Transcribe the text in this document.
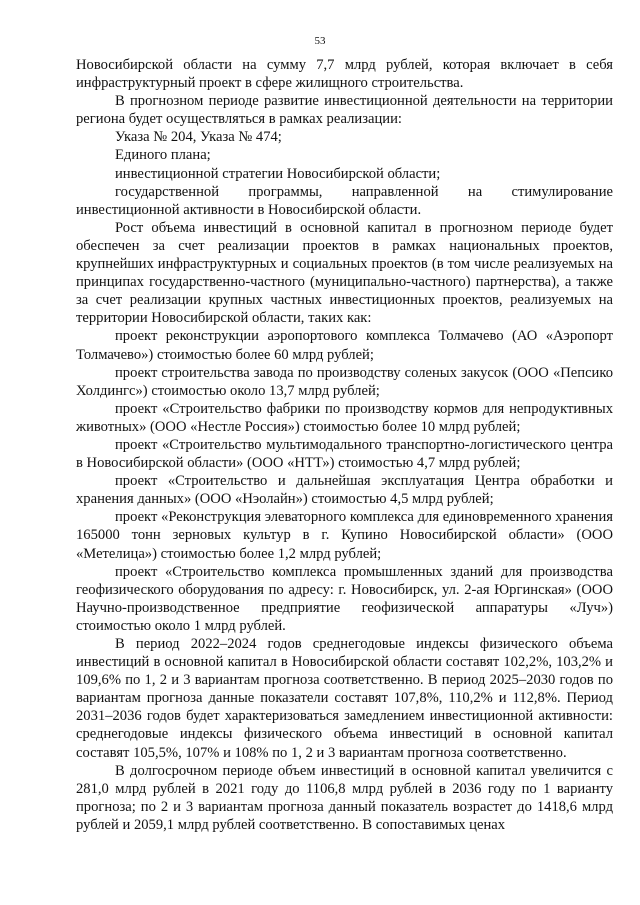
53

Новосибирской области на сумму 7,7 млрд рублей, которая включает в себя инфраструктурный проект в сфере жилищного строительства.

В прогнозном периоде развитие инвестиционной деятельности на территории региона будет осуществляться в рамках реализации:

Указа № 204, Указа № 474;

Единого плана;

инвестиционной стратегии Новосибирской области;

государственной программы, направленной на стимулирование инвестиционной активности в Новосибирской области.

Рост объема инвестиций в основной капитал в прогнозном периоде будет обеспечен за счет реализации проектов в рамках национальных проектов, крупнейших инфраструктурных и социальных проектов (в том числе реализуемых на принципах государственно-частного (муниципально-частного) партнерства), а также за счет реализации крупных частных инвестиционных проектов, реализуемых на территории Новосибирской области, таких как:

проект реконструкции аэропортового комплекса Толмачево (АО «Аэропорт Толмачево») стоимостью более 60 млрд рублей;

проект строительства завода по производству соленых закусок (ООО «Пепсико Холдингс») стоимостью около 13,7 млрд рублей;

проект «Строительство фабрики по производству кормов для непродуктивных животных» (ООО «Нестле Россия») стоимостью более 10 млрд рублей;

проект «Строительство мультимодального транспортно-логистического центра в Новосибирской области» (ООО «НТТ») стоимостью 4,7 млрд рублей;

проект «Строительство и дальнейшая эксплуатация Центра обработки и хранения данных» (ООО «Нэолайн») стоимостью 4,5 млрд рублей;

проект «Реконструкция элеваторного комплекса для единовременного хранения 165000 тонн зерновых культур в г. Купино Новосибирской области» (ООО «Метелица») стоимостью более 1,2 млрд рублей;

проект «Строительство комплекса промышленных зданий для производства геофизического оборудования по адресу: г. Новосибирск, ул. 2-ая Юргинская» (ООО Научно-производственное предприятие геофизической аппаратуры «Луч») стоимостью около 1 млрд рублей.

В период 2022–2024 годов среднегодовые индексы физического объема инвестиций в основной капитал в Новосибирской области составят 102,2%, 103,2% и 109,6% по 1, 2 и 3 вариантам прогноза соответственно. В период 2025–2030 годов по вариантам прогноза данные показатели составят 107,8%, 110,2% и 112,8%. Период 2031–2036 годов будет характеризоваться замедлением инвестиционной активности: среднегодовые индексы физического объема инвестиций в основной капитал составят 105,5%, 107% и 108% по 1, 2 и 3 вариантам прогноза соответственно.

В долгосрочном периоде объем инвестиций в основной капитал увеличится с 281,0 млрд рублей в 2021 году до 1106,8 млрд рублей в 2036 году по 1 варианту прогноза; по 2 и 3 вариантам прогноза данный показатель возрастет до 1418,6 млрд рублей и 2059,1 млрд рублей соответственно. В сопоставимых ценах
